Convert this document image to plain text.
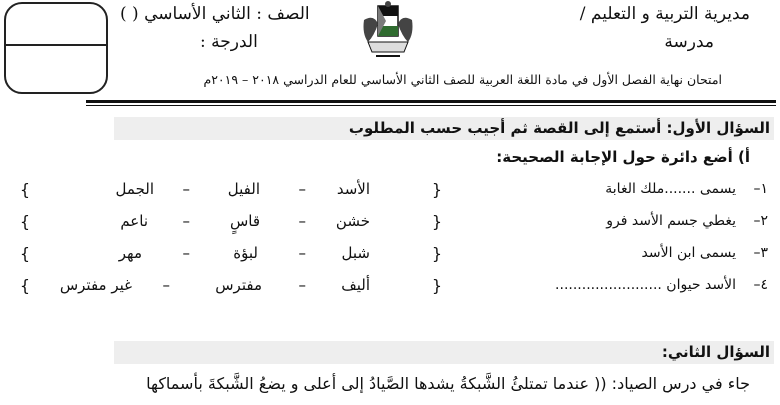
مديرية التربية و التعليم /
مدرسة
الصف : الثاني الأساسي ( )
الدرجة :
امتحان نهاية الفصل الأول في مادة اللغة العربية للصف الثاني الأساسي للعام الدراسي ٢٠١٨ – ٢٠١٩م
السؤال الأول: أستمع إلى القصة ثم أجيب حسب المطلوب
أ) أضع دائرة حول الإجابة الصحيحة:
١–
يسمى .......ملك الغابة
{
الأسد
–
الفيل
–
الجمل
}
٢–
يغطي جسم الأسد فرو
{
خشن
–
قاسٍ
–
ناعم
}
٣–
يسمى ابن الأسد
{
شبل
–
لبؤة
–
مهر
}
٤–
الأسد حيوان ........................
{
أليف
–
مفترس
–
غير مفترس
}
السؤال الثاني:
جاء في درس الصياد: (( عندما تمتلئُ الشَّبكةُ يشدها الصَّيادُ إلى أعلى و يضعُ الشَّبكةَ بأسماكها
